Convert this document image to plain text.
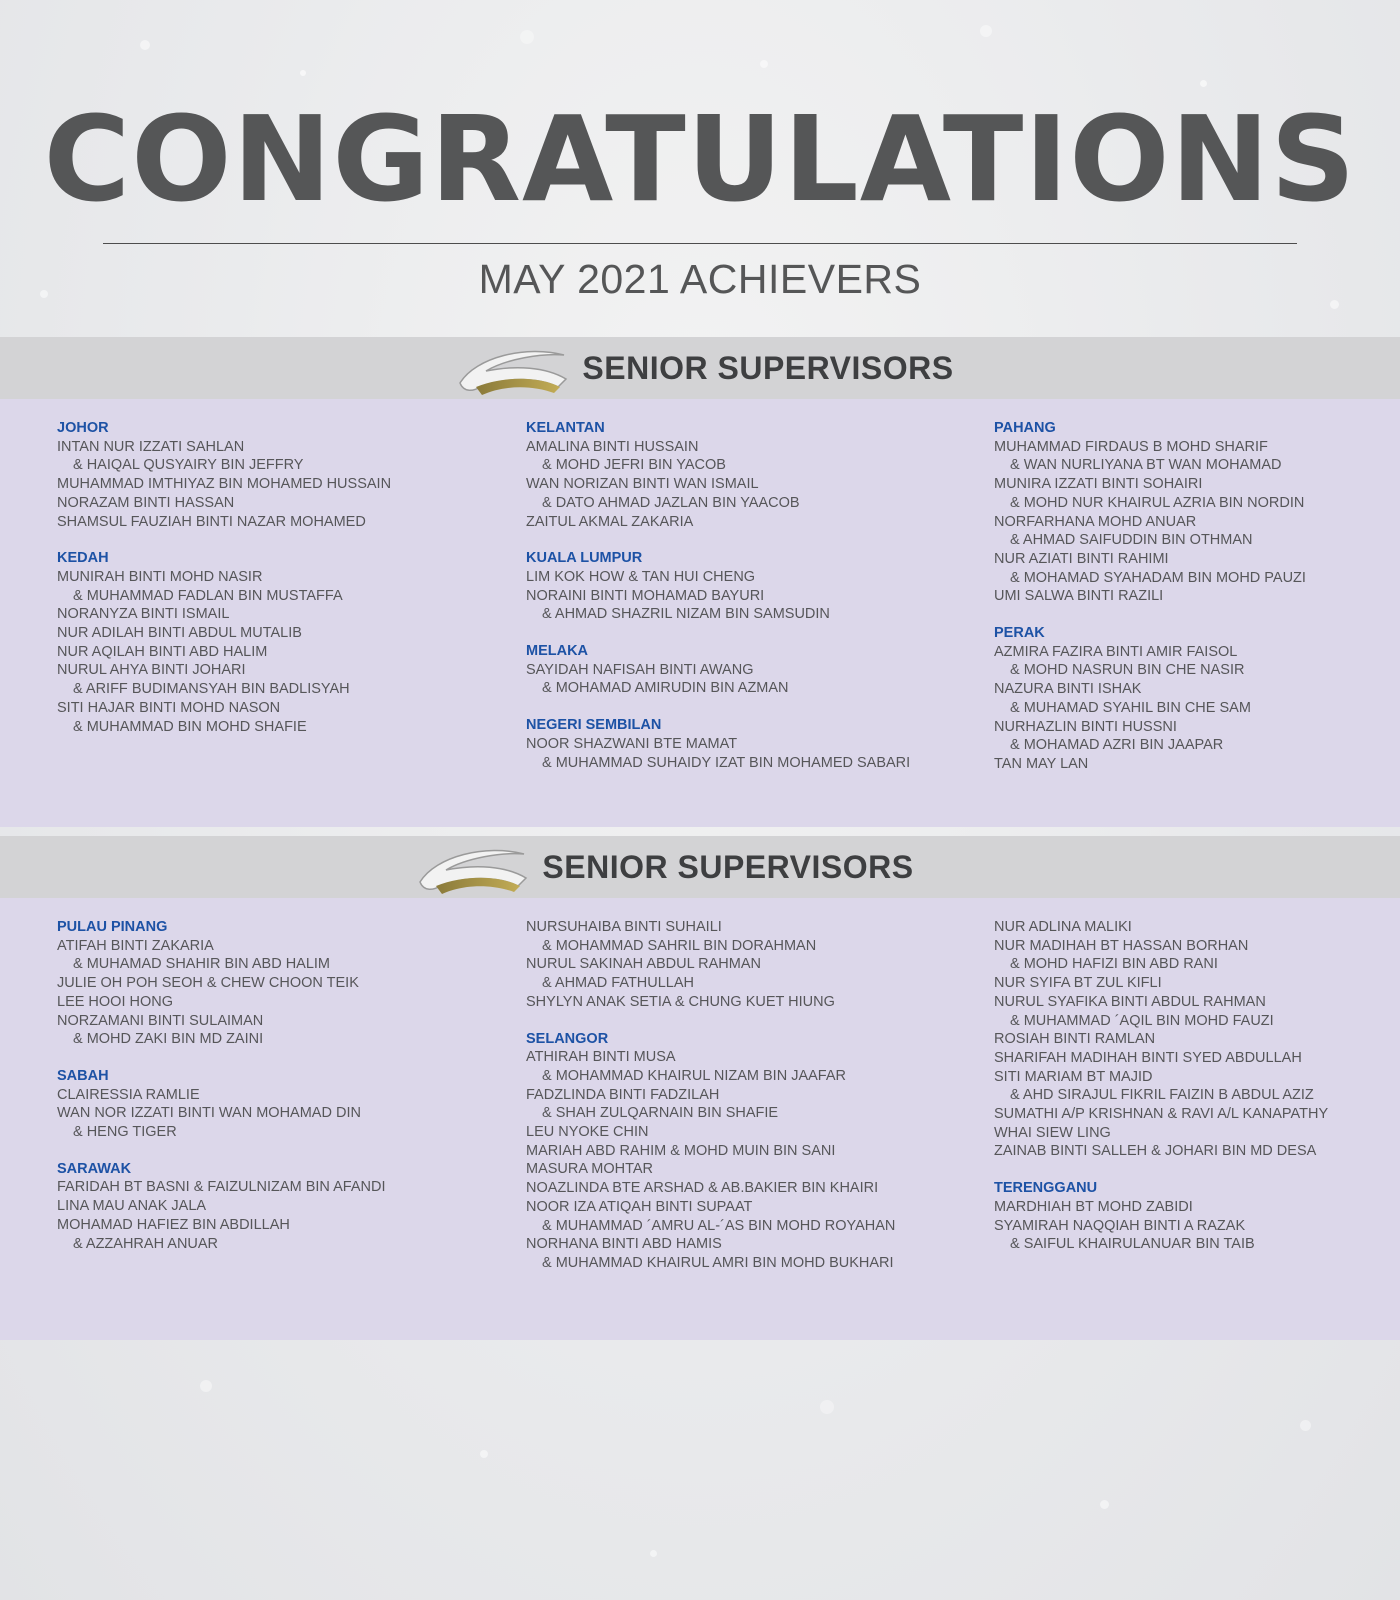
CONGRATULATIONS
MAY 2021 ACHIEVERS
SENIOR SUPERVISORS
JOHOR
INTAN NUR IZZATI SAHLAN
& HAIQAL QUSYAIRY BIN JEFFRY
MUHAMMAD IMTHIYAZ BIN MOHAMED HUSSAIN
NORAZAM BINTI HASSAN
SHAMSUL FAUZIAH BINTI NAZAR MOHAMED
KEDAH
MUNIRAH BINTI MOHD NASIR
& MUHAMMAD FADLAN BIN MUSTAFFA
NORANYZA BINTI ISMAIL
NUR ADILAH BINTI ABDUL MUTALIB
NUR AQILAH BINTI ABD HALIM
NURUL AHYA BINTI JOHARI
& ARIFF BUDIMANSYAH BIN BADLISYAH
SITI HAJAR BINTI MOHD NASON
& MUHAMMAD BIN MOHD SHAFIE
KELANTAN
AMALINA BINTI HUSSAIN
& MOHD JEFRI BIN YACOB
WAN NORIZAN BINTI WAN ISMAIL
& DATO AHMAD JAZLAN BIN YAACOB
ZAITUL AKMAL ZAKARIA
KUALA LUMPUR
LIM KOK HOW & TAN HUI CHENG
NORAINI BINTI MOHAMAD BAYURI
& AHMAD SHAZRIL NIZAM BIN SAMSUDIN
MELAKA
SAYIDAH NAFISAH BINTI AWANG
& MOHAMAD AMIRUDIN BIN AZMAN
NEGERI SEMBILAN
NOOR SHAZWANI BTE MAMAT
& MUHAMMAD SUHAIDY IZAT BIN MOHAMED SABARI
PAHANG
MUHAMMAD FIRDAUS B MOHD SHARIF
& WAN NURLIYANA BT WAN MOHAMAD
MUNIRA IZZATI BINTI SOHAIRI
& MOHD NUR KHAIRUL AZRIA BIN NORDIN
NORFARHANA MOHD ANUAR
& AHMAD SAIFUDDIN BIN OTHMAN
NUR AZIATI BINTI RAHIMI
& MOHAMAD SYAHADAM BIN MOHD PAUZI
UMI SALWA BINTI RAZILI
PERAK
AZMIRA FAZIRA BINTI AMIR FAISOL
& MOHD NASRUN BIN CHE NASIR
NAZURA BINTI ISHAK
& MUHAMAD SYAHIL BIN CHE SAM
NURHAZLIN BINTI HUSSNI
& MOHAMAD AZRI BIN JAAPAR
TAN MAY LAN
SENIOR SUPERVISORS
PULAU PINANG
ATIFAH BINTI ZAKARIA
& MUHAMAD SHAHIR BIN ABD HALIM
JULIE OH POH SEOH & CHEW CHOON TEIK
LEE HOOI HONG
NORZAMANI BINTI SULAIMAN
& MOHD ZAKI BIN MD ZAINI
SABAH
CLAIRESSIA RAMLIE
WAN NOR IZZATI BINTI WAN MOHAMAD DIN
& HENG TIGER
SARAWAK
FARIDAH BT BASNI & FAIZULNIZAM BIN AFANDI
LINA MAU ANAK JALA
MOHAMAD HAFIEZ BIN ABDILLAH
& AZZAHRAH ANUAR
NURSUHAIBA BINTI SUHAILI
& MOHAMMAD SAHRIL BIN DORAHMAN
NURUL SAKINAH ABDUL RAHMAN
& AHMAD FATHULLAH
SHYLYN ANAK SETIA & CHUNG KUET HIUNG
SELANGOR
ATHIRAH BINTI MUSA
& MOHAMMAD KHAIRUL NIZAM BIN JAAFAR
FADZLINDA BINTI FADZILAH
& SHAH ZULQARNAIN BIN SHAFIE
LEU NYOKE CHIN
MARIAH ABD RAHIM & MOHD MUIN BIN SANI
MASURA MOHTAR
NOAZLINDA BTE ARSHAD & AB.BAKIER BIN KHAIRI
NOOR IZA ATIQAH BINTI SUPAAT
& MUHAMMAD ´AMRU AL-´AS BIN MOHD ROYAHAN
NORHANA BINTI ABD HAMIS
& MUHAMMAD KHAIRUL AMRI BIN MOHD BUKHARI
NUR ADLINA MALIKI
NUR MADIHAH BT HASSAN BORHAN
& MOHD HAFIZI BIN ABD RANI
NUR SYIFA BT ZUL KIFLI
NURUL SYAFIKA BINTI ABDUL RAHMAN
& MUHAMMAD ´AQIL BIN MOHD FAUZI
ROSIAH BINTI RAMLAN
SHARIFAH MADIHAH BINTI SYED ABDULLAH
SITI MARIAM BT MAJID
& AHD SIRAJUL FIKRIL FAIZIN B ABDUL AZIZ
SUMATHI A/P KRISHNAN & RAVI A/L KANAPATHY
WHAI SIEW LING
ZAINAB BINTI SALLEH & JOHARI BIN MD DESA
TERENGGANU
MARDHIAH BT MOHD ZABIDI
SYAMIRAH NAQQIAH BINTI A RAZAK
& SAIFUL KHAIRULANUAR BIN TAIB
